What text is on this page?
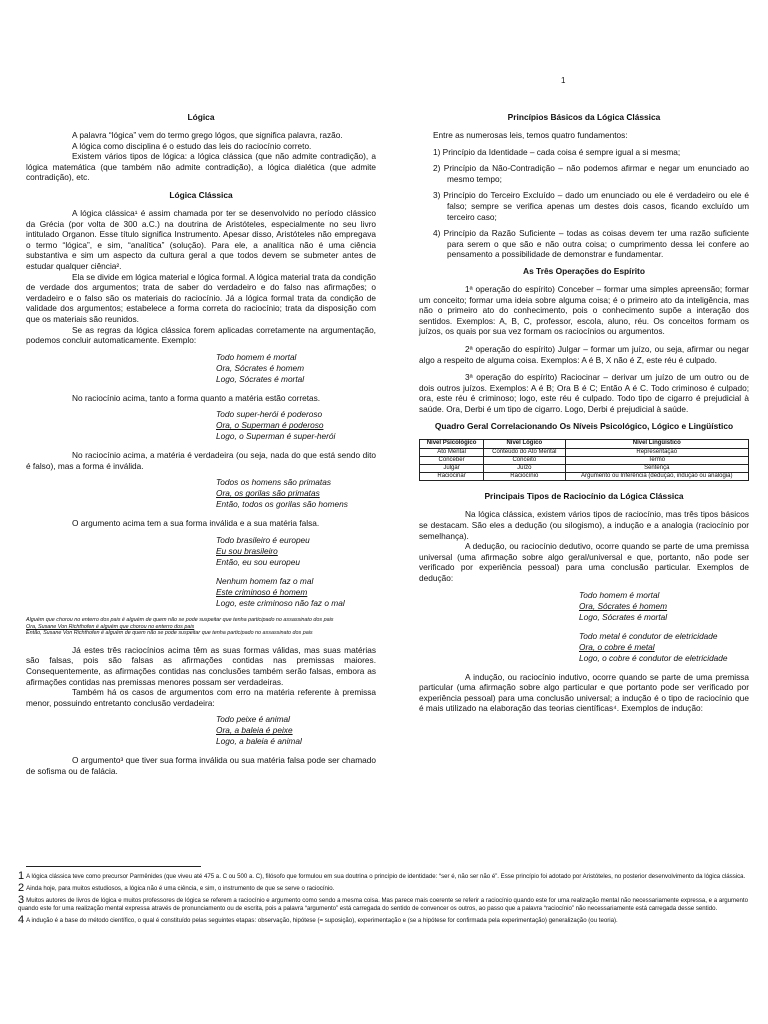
1
Lógica

A palavra “lógica” vem do termo grego lógos, que significa palavra, razão.

A lógica como disciplina é o estudo das leis do raciocínio correto.

Existem vários tipos de lógica: a lógica clássica (que não admite contradição), a lógica matemática (que também não admite contradição), a lógica dialética (que admite contradição), etc.

Lógica Clássica

A lógica clássica¹ é assim chamada por ter se desenvolvido no período clássico da Grécia (por volta de 300 a.C.) na doutrina de Aristóteles, especialmente no seu livro intitulado Organon. Esse título significa Instrumento. Apesar disso, Aristóteles não empregava o termo “lógica”, e sim, “analítica” (solução). Para ele, a analítica não é uma ciência substantiva e sim um aspecto da cultura geral a que todos devem se submeter antes de estudar qualquer ciência².

Ela se divide em lógica material e lógica formal. A lógica material trata da condição de verdade dos argumentos; trata de saber do verdadeiro e do falso nas afirmações; o verdadeiro e o falso são os materiais do raciocínio. Já a lógica formal trata da condição de validade dos argumentos; estabelece a forma correta do raciocínio; trata da disposição com que os materiais são reunidos.

Se as regras da lógica clássica forem aplicadas corretamente na argumentação, podemos concluir automaticamente. Exemplo:

Todo homem é mortal
Ora, Sócrates é homem
Logo, Sócrates é mortal

No raciocínio acima, tanto a forma quanto a matéria estão corretas.

Todo super-herói é poderoso
Ora, o Superman é poderoso
Logo, o Superman é super-herói

No raciocínio acima, a matéria é verdadeira (ou seja, nada do que está sendo dito é falso), mas a forma é inválida.

Todos os homens são primatas
Ora, os gorilas são primatas
Então, todos os gorilas são homens

O argumento acima tem a sua forma inválida e a sua matéria falsa.

Todo brasileiro é europeu
Eu sou brasileiro
Então, eu sou europeu
Nenhum homem faz o mal
Este criminoso é homem
Logo, este criminoso não faz o mal
Alguém que chorou no enterro dos pais é alguém de quem não se pode suspeitar que tenha participado no assassinato dos pais
Ora, Susane Von Richthofen é alguém que chorou no enterro dos pais
Então, Susane Von Richthofen é alguém de quem não se pode suspeitar que tenha participado no assassinato dos pais

Já estes três raciocínios acima têm as suas formas válidas, mas suas matérias são falsas, pois são falsas as afirmações contidas nas premissas maiores. Consequentemente, as afirmações contidas nas conclusões também serão falsas, embora as afirmações contidas nas premissas menores possam ser verdadeiras.

Também há os casos de argumentos com erro na matéria referente à premissa menor, possuindo entretanto conclusão verdadeira:

Todo peixe é animal
Ora, a baleia é peixe
Logo, a baleia é animal

O argumento³ que tiver sua forma inválida ou sua matéria falsa pode ser chamado de sofisma ou de falácia.

Princípios Básicos da Lógica Clássica

Entre as numerosas leis, temos quatro fundamentos:

1) Princípio da Identidade – cada coisa é sempre igual a si mesma;
2) Princípio da Não-Contradição – não podemos afirmar e negar um enunciado ao mesmo tempo;
3) Princípio do Terceiro Excluído – dado um enunciado ou ele é verdadeiro ou ele é falso; sempre se verifica apenas um destes dois casos, ficando excluído um terceiro caso;
4) Princípio da Razão Suficiente – todas as coisas devem ter uma razão suficiente para serem o que são e não outra coisa; o cumprimento dessa lei confere ao pensamento a possibilidade de demonstrar e fundamentar.
As Três Operações do Espírito

1ª operação do espírito) Conceber – formar uma simples apreensão; formar um conceito; formar uma ideia sobre alguma coisa; é o primeiro ato da inteligência, mas não o primeiro ato do conhecimento, pois o conhecimento supõe a interação dos sentidos. Exemplos: A, B, C, professor, escola, aluno, réu. Os conceitos formam os juízos, os quais por sua vez formam os raciocínios ou argumentos.

2ª operação do espírito) Julgar – formar um juízo, ou seja, afirmar ou negar algo a respeito de alguma coisa. Exemplos: A é B, X não é Z, este réu é culpado.

3ª operação do espírito) Raciocinar – derivar um juízo de um outro ou de dois outros juízos. Exemplos: A é B; Ora B é C; Então A é C. Todo criminoso é culpado; ora, este réu é criminoso; logo, este réu é culpado. Todo tipo de cigarro é prejudicial à saúde. Ora, Derbi é um tipo de cigarro. Logo, Derbi é prejudicial à saúde.

Quadro Geral Correlacionando Os Níveis Psicológico, Lógico e Lingüístico
Nível Psicológico	Nível Lógico	Nível Lingüístico
Ato Mental	Conteúdo do Ato Mental	Representação
Conceber	Conceito	Termo
Julgar	Juízo	Sentença
Raciocinar	Raciocínio	Argumento ou Inferência (dedução, indução ou analogia)
Principais Tipos de Raciocínio da Lógica Clássica

Na lógica clássica, existem vários tipos de raciocínio, mas três tipos básicos se destacam. São eles a dedução (ou silogismo), a indução e a analogia (raciocínio por semelhança).

A dedução, ou raciocínio dedutivo, ocorre quando se parte de uma premissa universal (uma afirmação sobre algo geral/universal e que, portanto, não pode ser verificado por experiência pessoal) para uma conclusão particular. Exemplos de dedução:

Todo homem é mortal
Ora, Sócrates é homem
Logo, Sócrates é mortal
Todo metal é condutor de eletricidade
Ora, o cobre é metal
Logo, o cobre é condutor de eletricidade

A indução, ou raciocínio indutivo, ocorre quando se parte de uma premissa particular (uma afirmação sobre algo particular e que portanto pode ser verificado por experiência pessoal) para uma conclusão universal; a indução é o tipo de raciocínio que é mais utilizado na elaboração das teorias científicas⁴. Exemplos de indução:

1 A lógica clássica teve como precursor Parmênides (que viveu até 475 a. C ou 500 a. C), filósofo que formulou em sua doutrina o princípio de identidade: “ser é, não ser não é”. Esse princípio foi adotado por Aristóteles, no posterior desenvolvimento da lógica clássica.
2 Ainda hoje, para muitos estudiosos, a lógica não é uma ciência, e sim, o instrumento de que se serve o raciocínio.
3 Muitos autores de livros de lógica e muitos professores de lógica se referem a raciocínio e argumento como sendo a mesma coisa. Mas parece mais coerente se referir a raciocínio quando este for uma realização mental não necessariamente expressa, e a argumento quando este for uma realização mental expressa através de pronunciamento ou de escrita, pois a palavra “argumento” está carregada do sentido de convencer os outros, ao passo que a palavra “raciocínio” não necessariamente está carregada desse sentido.
4 A indução é a base do método científico, o qual é constituído pelas seguintes etapas: observação, hipótese (= suposição), experimentação e (se a hipótese for confirmada pela experimentação) generalização (ou teoria).
